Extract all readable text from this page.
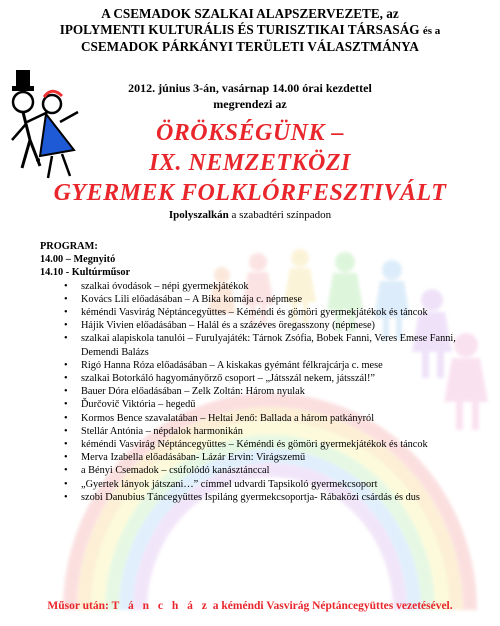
A CSEMADOK SZALKAI ALAPSZERVEZETE, az
IPOLYMENTI KULTURÁLIS ÉS TURISZTIKAI TÁRSASÁG és a
CSEMADOK PÁRKÁNYI TERÜLETI VÁLASZTMÁNYA
2012. június 3-án, vasárnap 14.00 órai kezdettel
megrendezi az
ÖRÖKSÉGÜNK –
IX. NEMZETKÖZI
GYERMEK FOLKLÓRFESZTIVÁLT
Ipolyszalkán a szabadtéri színpadon
PROGRAM:
14.00 – Megnyitó
14.10 - Kultúrműsor
• szalkai óvodások – népi gyermekjátékok
• Kovács Lili előadásában – A Bika komája c. népmese
• kéméndi Vasvirág Néptáncegyüttes – Kéméndi és gömöri gyermekjátékok és táncok
• Hájik Vivien előadásában – Halál és a százéves öregasszony (népmese)
• szalkai alapiskola tanulói – Furulyajáték: Tárnok Zsófia, Bobek Fanni, Veres Emese Fanni, Demendi Balázs
• Rigó Hanna Róza előadásában – A kiskakas gyémánt félkrajcárja c. mese
• szalkai Botorkáló hagyományőrző csoport – „Játsszál nekem, játsszál!”
• Bauer Dóra előadásában – Zelk Zoltán: Három nyulak
• Ďurčovič Viktória – hegedű
• Kormos Bence szavalatában – Heltai Jenő: Ballada a három patkányról
• Stellár Antónia – népdalok harmonikán
• kéméndi Vasvirág Néptáncegyüttes – Kéméndi és gömöri gyermekjátékok és táncok
• Merva Izabella előadásában- Lázár Ervin: Virágszemű
• a Bényi Csemadok – csúfolódó kanásztánccal
• „Gyertek lányok játszani…” címmel udvardi Tapsikoló gyermekcsoport
• szobi Danubius Táncegyüttes Ispiláng gyermekcsoportja- Rábaközi csárdás és dus
Műsor után: T á n c h á z a kéméndi Vasvirág Néptáncegyüttes vezetésével.
